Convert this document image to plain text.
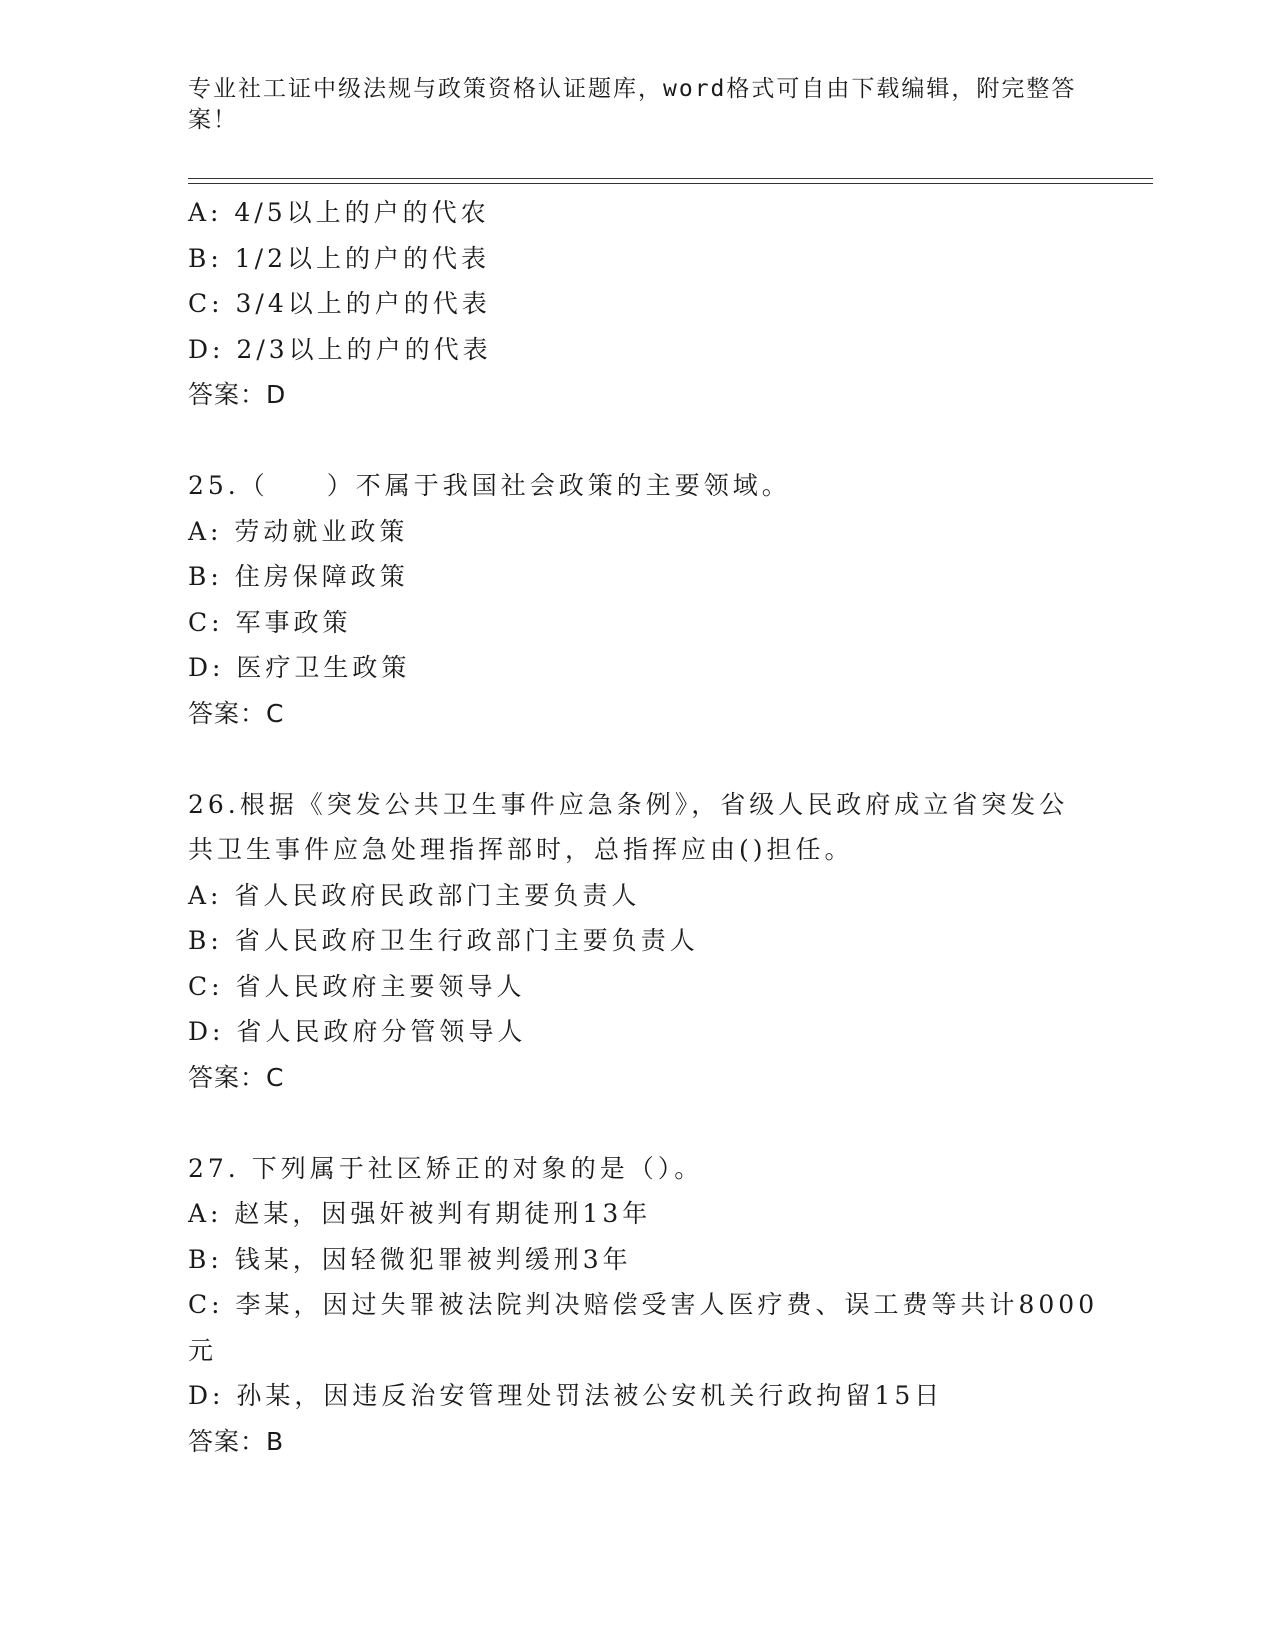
专业社工证中级法规与政策资格认证题库，word格式可自由下载编辑，附完整答案！
A: 4/5以上的户的代农
B: 1/2以上的户的代表
C: 3/4以上的户的代表
D: 2/3以上的户的代表
答案：D
25.（　　）不属于我国社会政策的主要领域。
A: 劳动就业政策
B: 住房保障政策
C: 军事政策
D: 医疗卫生政策
答案：C
26.根据《突发公共卫生事件应急条例》，省级人民政府成立省突发公
共卫生事件应急处理指挥部时，总指挥应由()担任。
A: 省人民政府民政部门主要负责人
B: 省人民政府卫生行政部门主要负责人
C: 省人民政府主要领导人
D: 省人民政府分管领导人
答案：C
27. 下列属于社区矫正的对象的是（）。
A: 赵某，因强奸被判有期徒刑13年
B: 钱某，因轻微犯罪被判缓刑3年
C: 李某，因过失罪被法院判决赔偿受害人医疗费、误工费等共计8000
元
D: 孙某，因违反治安管理处罚法被公安机关行政拘留15日
答案：B
